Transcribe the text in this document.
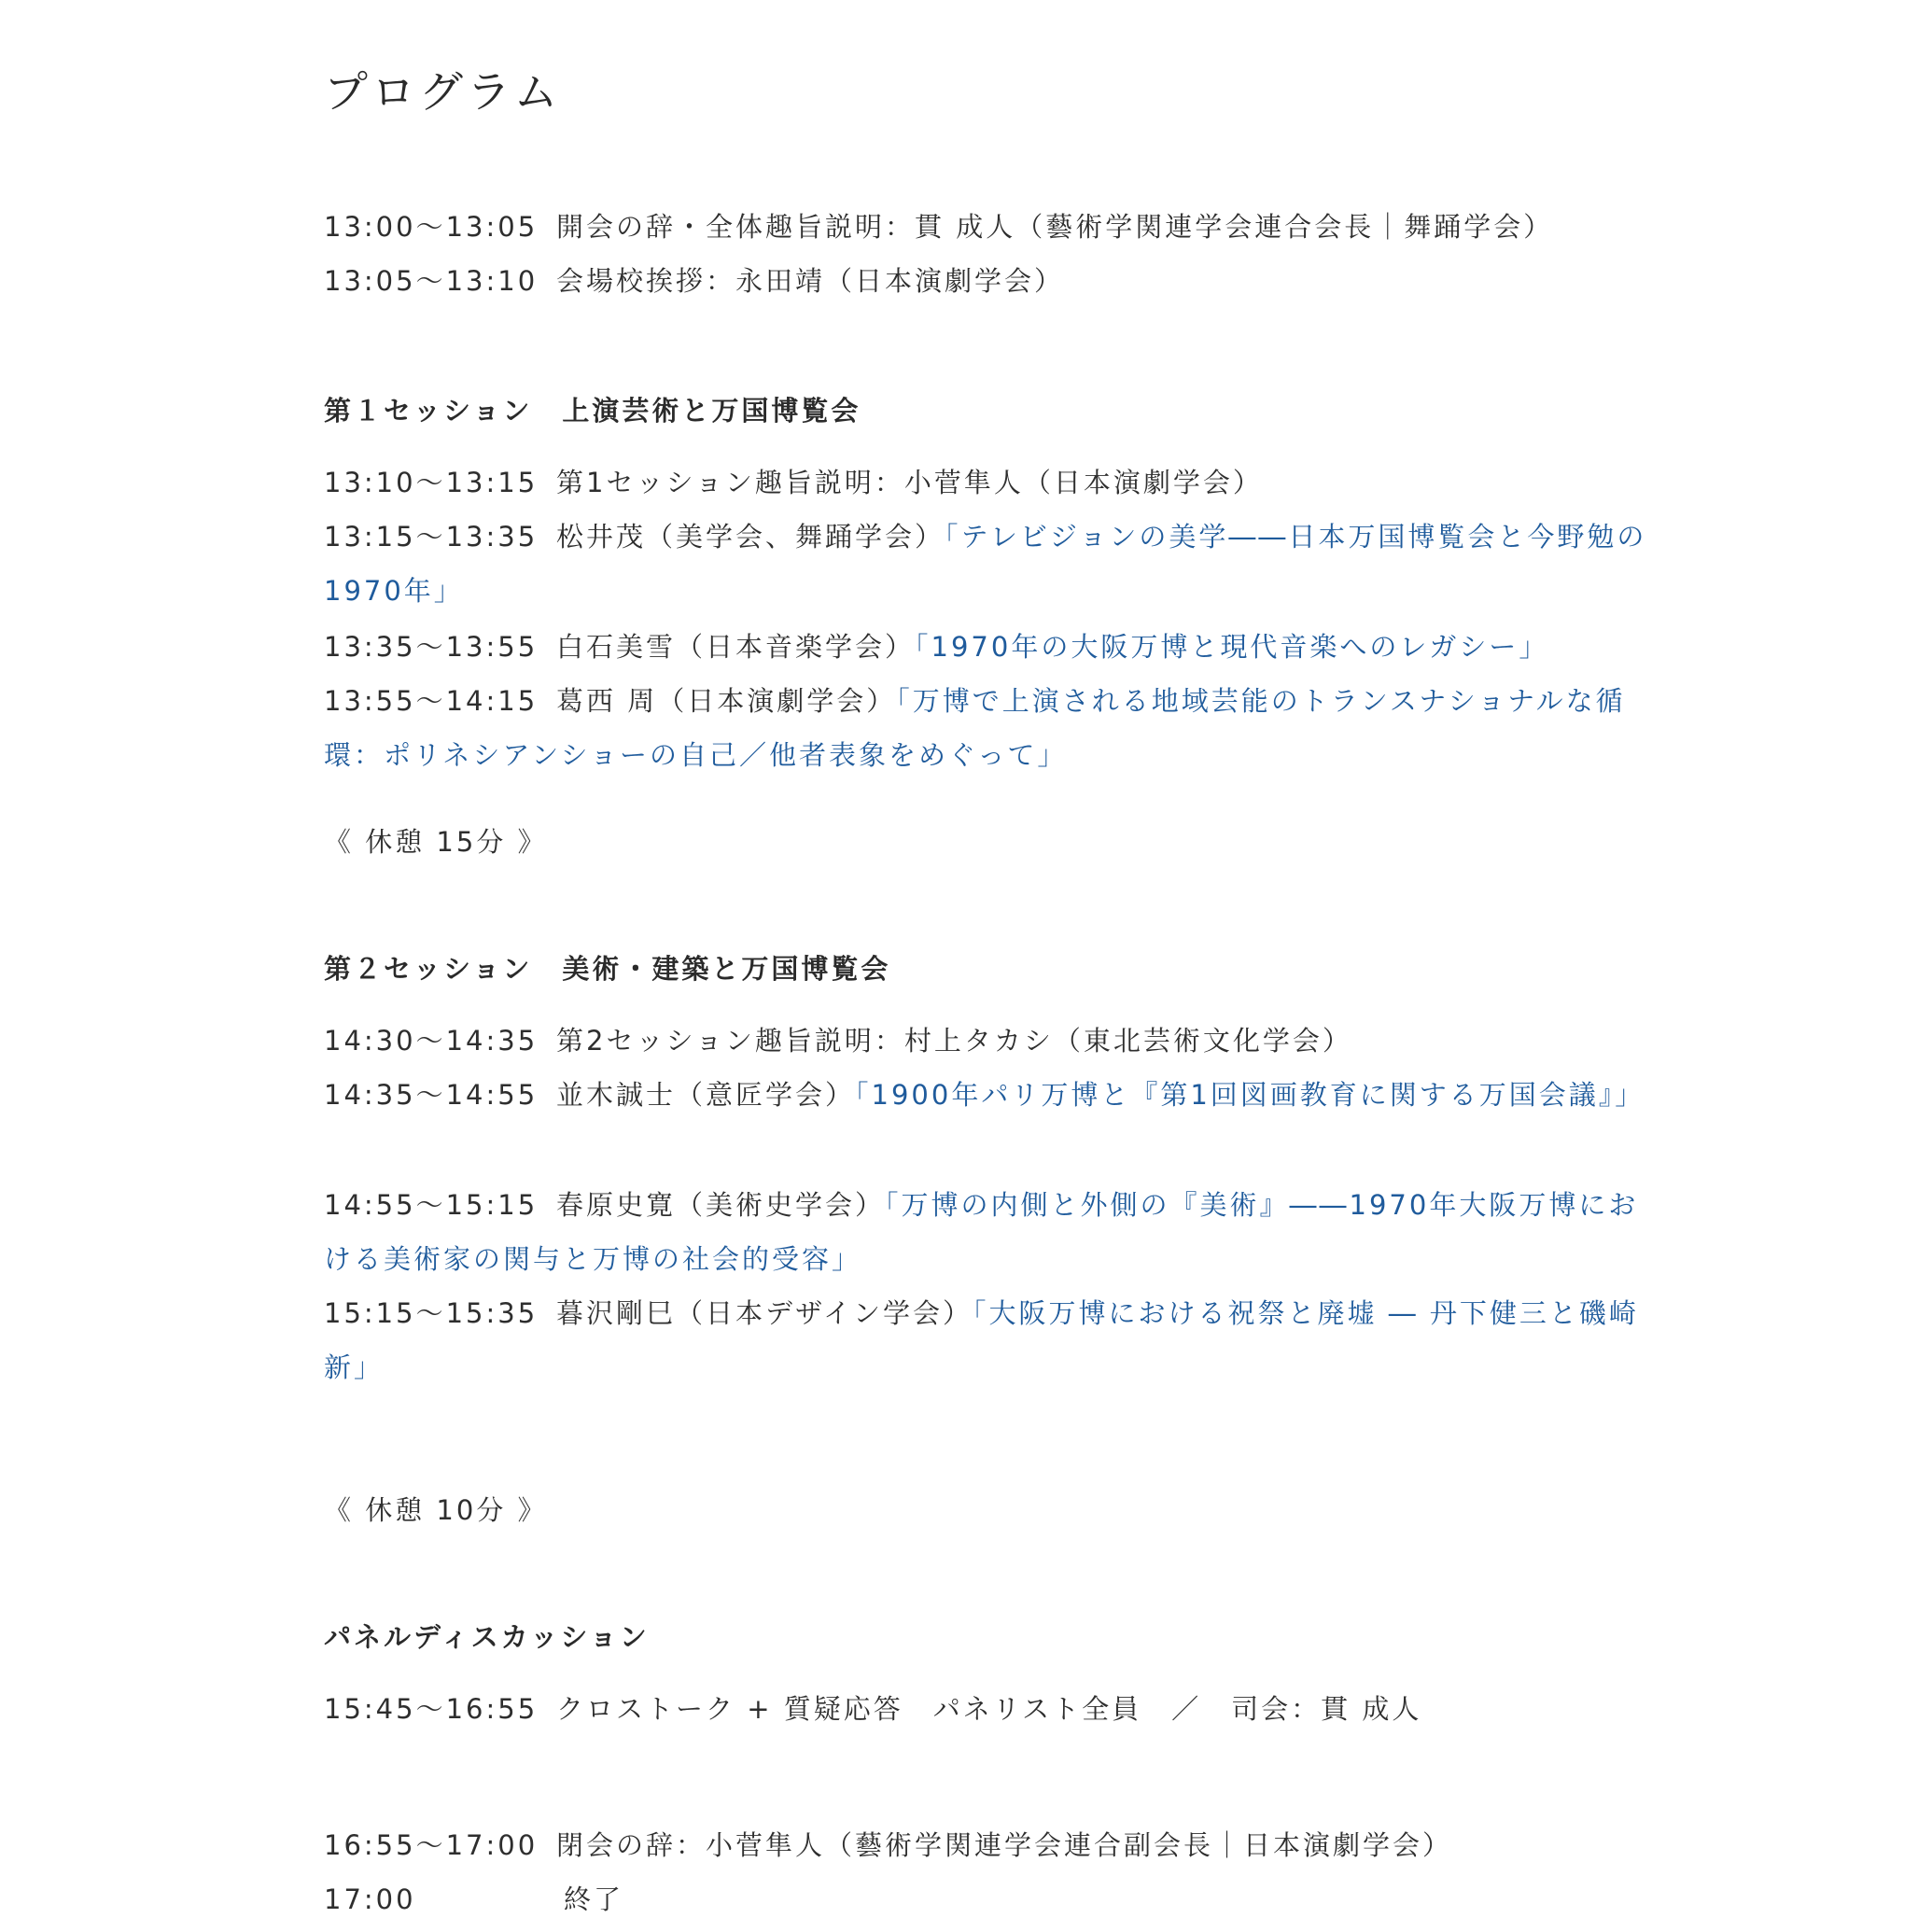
プログラム
13:00～13:05 開会の辞・全体趣旨説明：貫 成人（藝術学関連学会連合会長｜舞踊学会）
13:05～13:10 会場校挨拶：永田靖（日本演劇学会）
第１セッション　上演芸術と万国博覧会
13:10～13:15 第1セッション趣旨説明：小菅隼人（日本演劇学会）
13:15～13:35 松井茂（美学会、舞踊学会）「テレビジョンの美学――日本万国博覧会と今野勉の1970年」
13:35～13:55 白石美雪（日本音楽学会）「1970年の大阪万博と現代音楽へのレガシー」
13:55～14:15 葛西 周（日本演劇学会）「万博で上演される地域芸能のトランスナショナルな循環：ポリネシアンショーの自己／他者表象をめぐって」
《 休憩 15分 》
第２セッション　美術・建築と万国博覧会
14:30～14:35 第2セッション趣旨説明：村上タカシ（東北芸術文化学会）
14:35～14:55 並木誠士（意匠学会）「1900年パリ万博と『第1回図画教育に関する万国会議』」
14:55～15:15 春原史寛（美術史学会）「万博の内側と外側の『美術』――1970年大阪万博における美術家の関与と万博の社会的受容」
15:15～15:35 暮沢剛巳（日本デザイン学会）「大阪万博における祝祭と廃墟 ― 丹下健三と磯崎新」
《 休憩 10分 》
パネルディスカッション
15:45～16:55 クロストーク + 質疑応答　パネリスト全員　／　司会：貫 成人
16:55～17:00 閉会の辞：小菅隼人（藝術学関連学会連合副会長｜日本演劇学会）
17:00	終了
